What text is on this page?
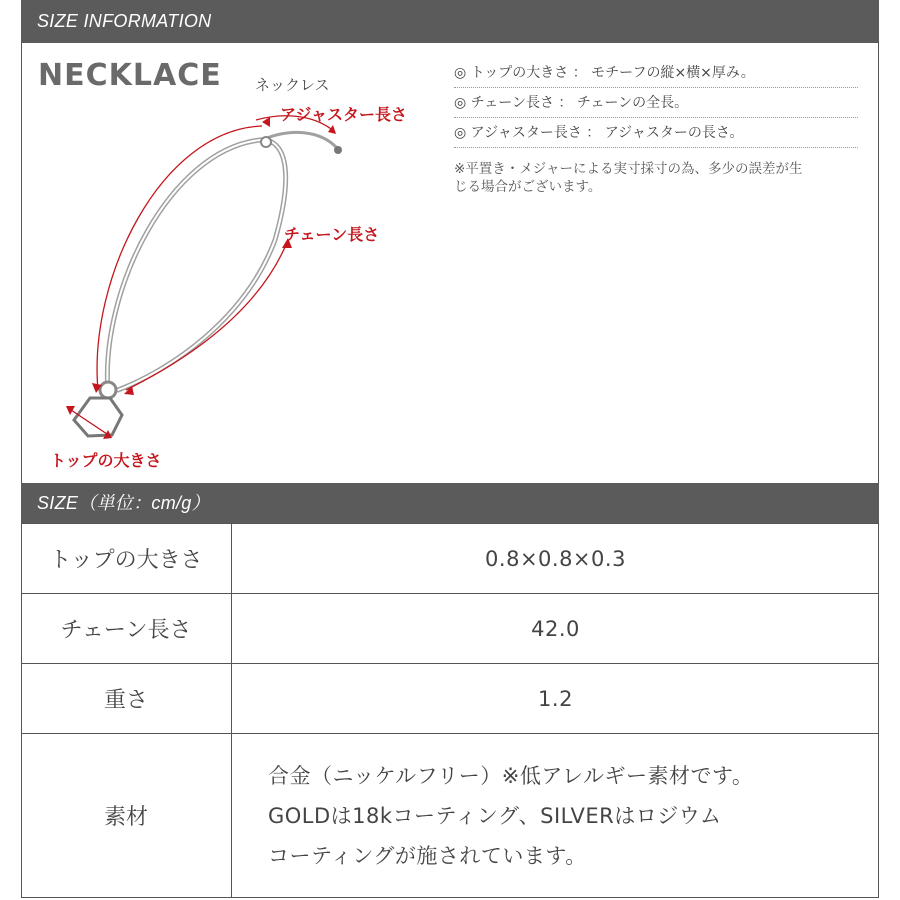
SIZE INFORMATION
NECKLACE ネックレス
アジャスター長さ
チェーン長さ
トップの大きさ
◎ トップの大きさ ： モチーフの縦×横×厚み。
◎ チェーン長さ ： チェーンの全長。
◎ アジャスター長さ ： アジャスターの長さ。
※平置き・メジャーによる実寸採寸の為、多少の誤差が生
じる場合がございます。
SIZE（単位：cm/g）
トップの大きさ	0.8×0.8×0.3
チェーン長さ	42.0
重さ	1.2
素材	合金（ニッケルフリー）※低アレルギー素材です。
GOLDは18kコーティング、SILVERはロジウム
コーティングが施されています。
